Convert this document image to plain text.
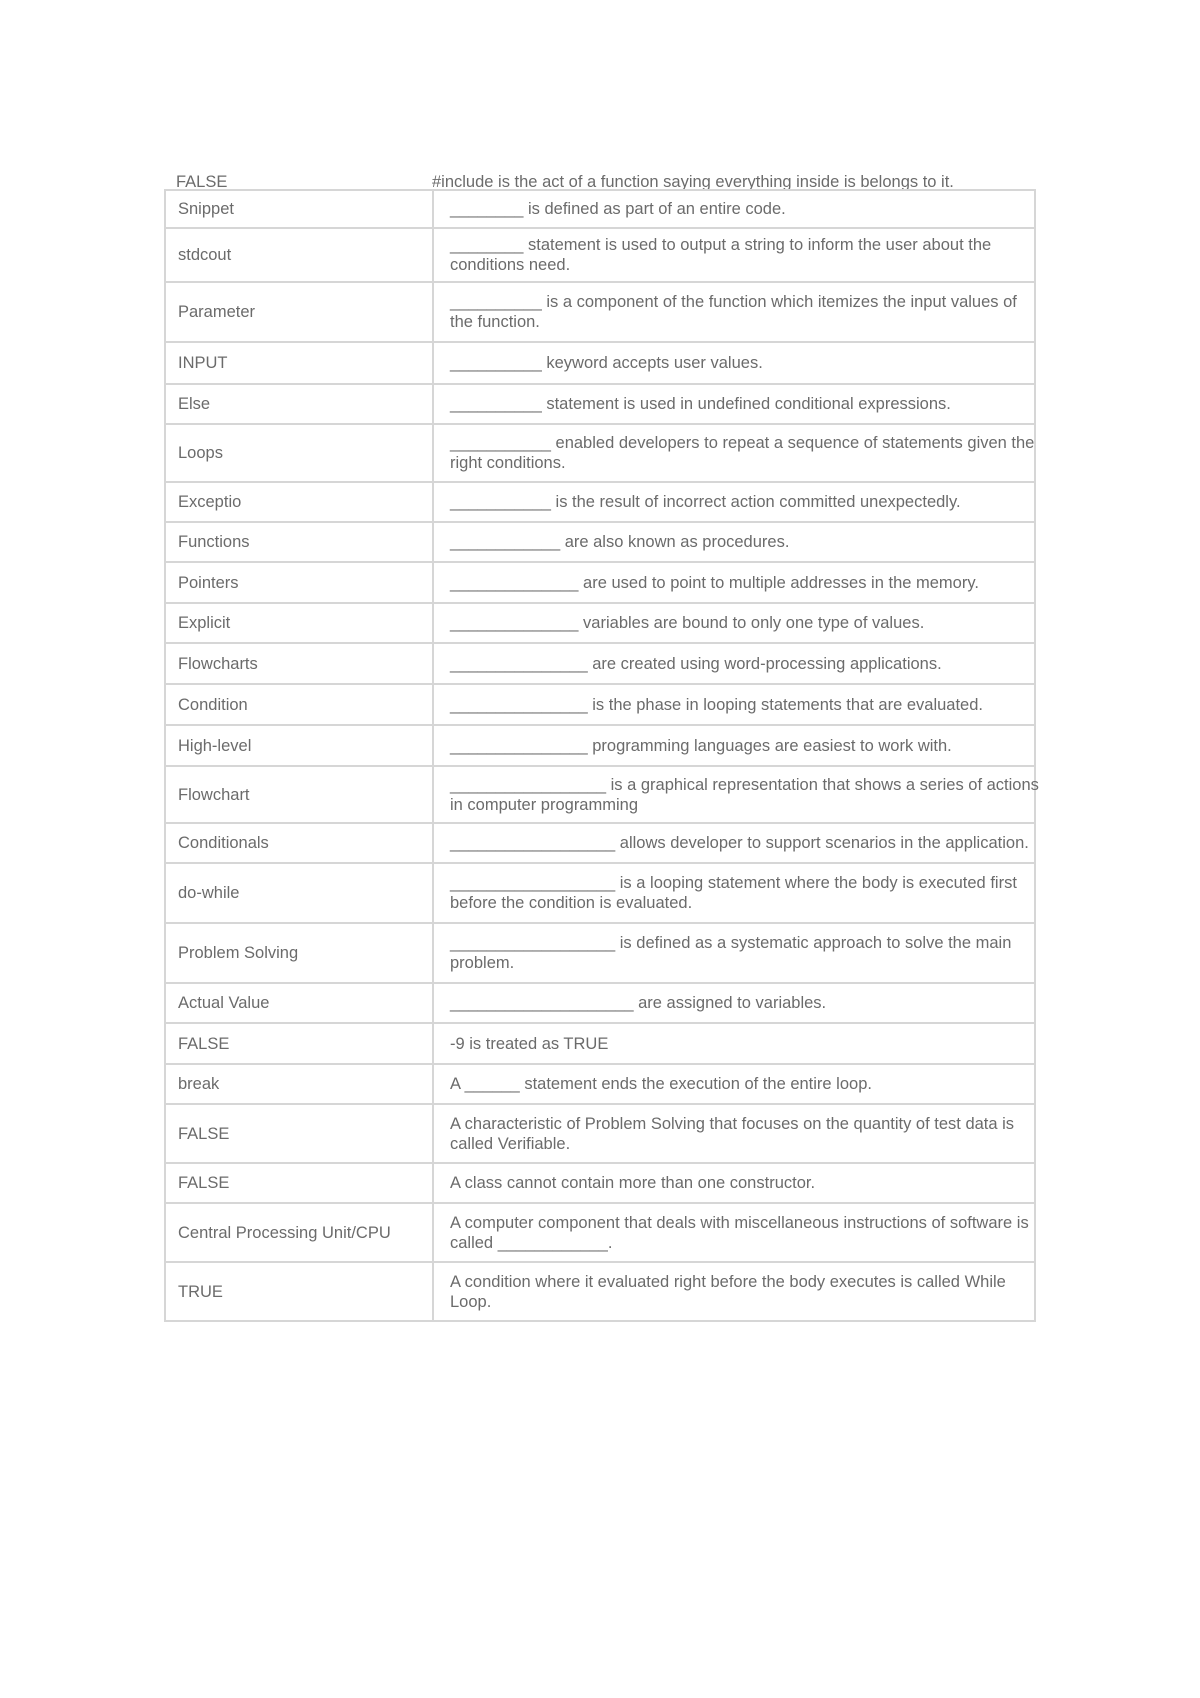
FALSE	#include is the act of a function saying everything inside is belongs to it.
Snippet	________ is defined as part of an entire code.

stdcout	________ statement is used to output a string to inform the user about the conditions need.

Parameter	__________ is a component of the function which itemizes the input values of the function.

INPUT	__________ keyword accepts user values.

Else	__________ statement is used in undefined conditional expressions.

Loops	___________ enabled developers to repeat a sequence of statements given the right conditions.

Exceptio	___________ is the result of incorrect action committed unexpectedly.

Functions	____________ are also known as procedures.

Pointers	______________ are used to point to multiple addresses in the memory.

Explicit	______________ variables are bound to only one type of values.

Flowcharts	_______________ are created using word-processing applications.

Condition	_______________ is the phase in looping statements that are evaluated.

High-level	_______________ programming languages are easiest to work with.

Flowchart	_________________ is a graphical representation that shows a series of actions in computer programming

Conditionals	__________________ allows developer to support scenarios in the application.

do-while	__________________ is a looping statement where the body is executed first before the condition is evaluated.

Problem Solving	__________________ is defined as a systematic approach to solve the main problem.

Actual Value	____________________ are assigned to variables.

FALSE	-9 is treated as TRUE

break	A ______ statement ends the execution of the entire loop.

FALSE	A characteristic of Problem Solving that focuses on the quantity of test data is called Verifiable.

FALSE	A class cannot contain more than one constructor.

Central Processing Unit/CPU	A computer component that deals with miscellaneous instructions of software is called ____________.

TRUE	A condition where it evaluated right before the body executes is called While Loop.
